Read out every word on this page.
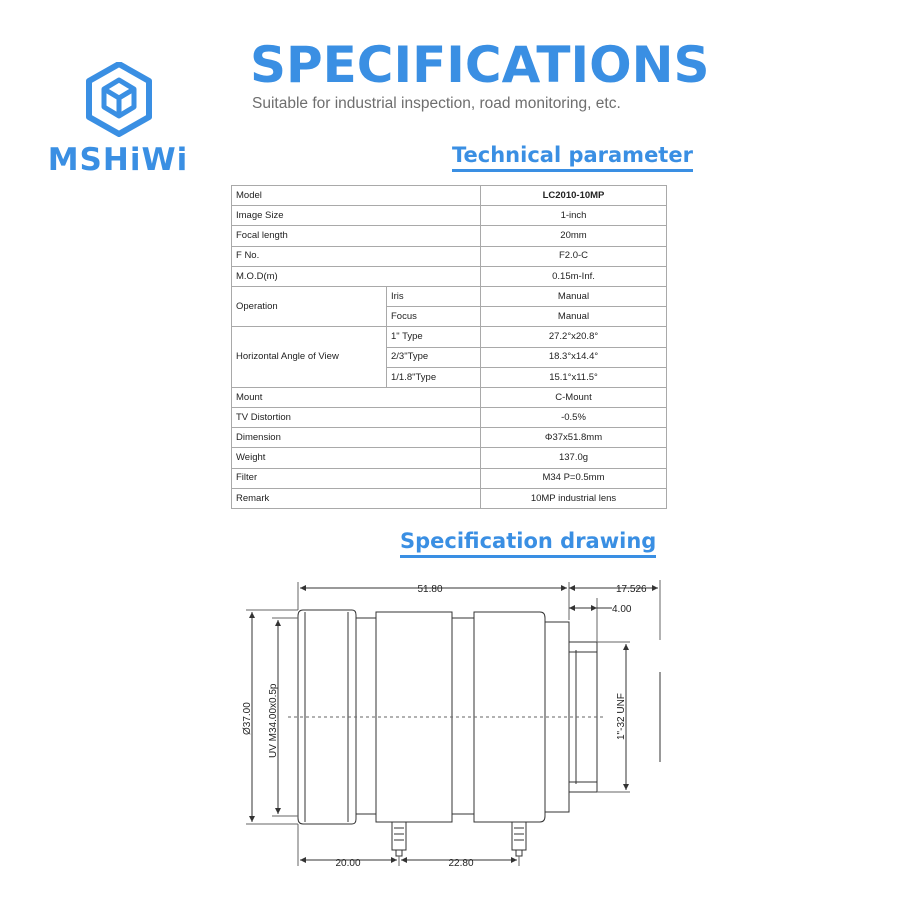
MSHiWi
SPECIFICATIONS
Suitable for industrial inspection, road monitoring, etc.
Technical parameter
Model		LC2010-10MP
Image Size		1-inch
Focal length		20mm
F No.		F2.0-C
M.O.D(m)		0.15m-Inf.
Operation	Iris	Manual
	Focus	Manual
Horizontal Angle of View	1" Type	27.2°x20.8°
	2/3"Type	18.3°x14.4°
	1/1.8"Type	15.1°x11.5°
Mount		C-Mount
TV Distortion		-0.5%
Dimension		Φ37x51.8mm
Weight		137.0g
Filter		M34 P=0.5mm
Remark		10MP industrial lens
Specification drawing
51.80	17.526
4.00
Ø37.00 UV M34.00x0.5p	1"-32 UNF
20.00	22.80
